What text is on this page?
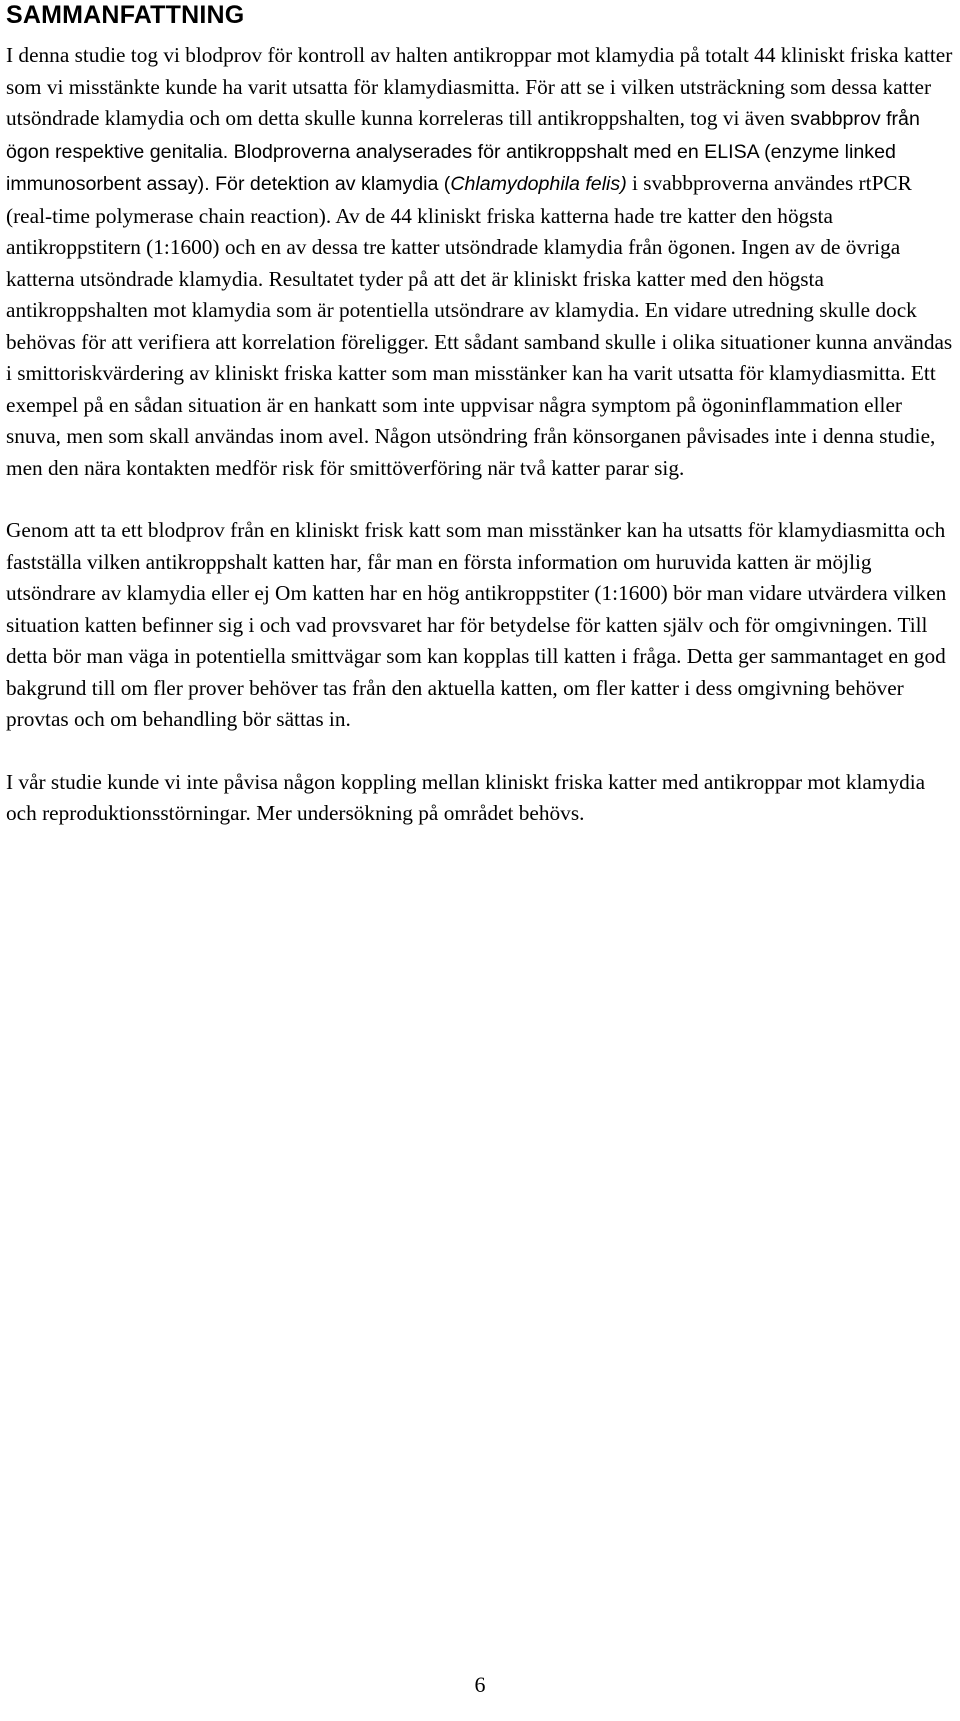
SAMMANFATTNING

I denna studie tog vi blodprov för kontroll av halten antikroppar mot klamydia på totalt 44 kliniskt friska katter som vi misstänkte kunde ha varit utsatta för klamydiasmitta. För att se i vilken utsträckning som dessa katter utsöndrade klamydia och om detta skulle kunna korreleras till antikroppshalten, tog vi även svabbprov från ögon respektive genitalia. Blodproverna analyserades för antikroppshalt med en ELISA (enzyme linked immunosorbent assay). För detektion av klamydia (Chlamydophila felis) i svabbproverna användes rtPCR (real-time polymerase chain reaction). Av de 44 kliniskt friska katterna hade tre katter den högsta antikroppstitern (1:1600) och en av dessa tre katter utsöndrade klamydia från ögonen. Ingen av de övriga katterna utsöndrade klamydia. Resultatet tyder på att det är kliniskt friska katter med den högsta antikroppshalten mot klamydia som är potentiella utsöndrare av klamydia. En vidare utredning skulle dock behövas för att verifiera att korrelation föreligger. Ett sådant samband skulle i olika situationer kunna användas i smittoriskvärdering av kliniskt friska katter som man misstänker kan ha varit utsatta för klamydiasmitta. Ett exempel på en sådan situation är en hankatt som inte uppvisar några symptom på ögoninflammation eller snuva, men som skall användas inom avel. Någon utsöndring från könsorganen påvisades inte i denna studie, men den nära kontakten medför risk för smittöverföring när två katter parar sig.

Genom att ta ett blodprov från en kliniskt frisk katt som man misstänker kan ha utsatts för klamydiasmitta och fastställa vilken antikroppshalt katten har, får man en första information om huruvida katten är möjlig utsöndrare av klamydia eller ej Om katten har en hög antikroppstiter (1:1600) bör man vidare utvärdera vilken situation katten befinner sig i och vad provsvaret har för betydelse för katten själv och för omgivningen. Till detta bör man väga in potentiella smittvägar som kan kopplas till katten i fråga. Detta ger sammantaget en god bakgrund till om fler prover behöver tas från den aktuella katten, om fler katter i dess omgivning behöver provtas och om behandling bör sättas in.

I vår studie kunde vi inte påvisa någon koppling mellan kliniskt friska katter med antikroppar mot klamydia och reproduktionsstörningar. Mer undersökning på området behövs.

6
